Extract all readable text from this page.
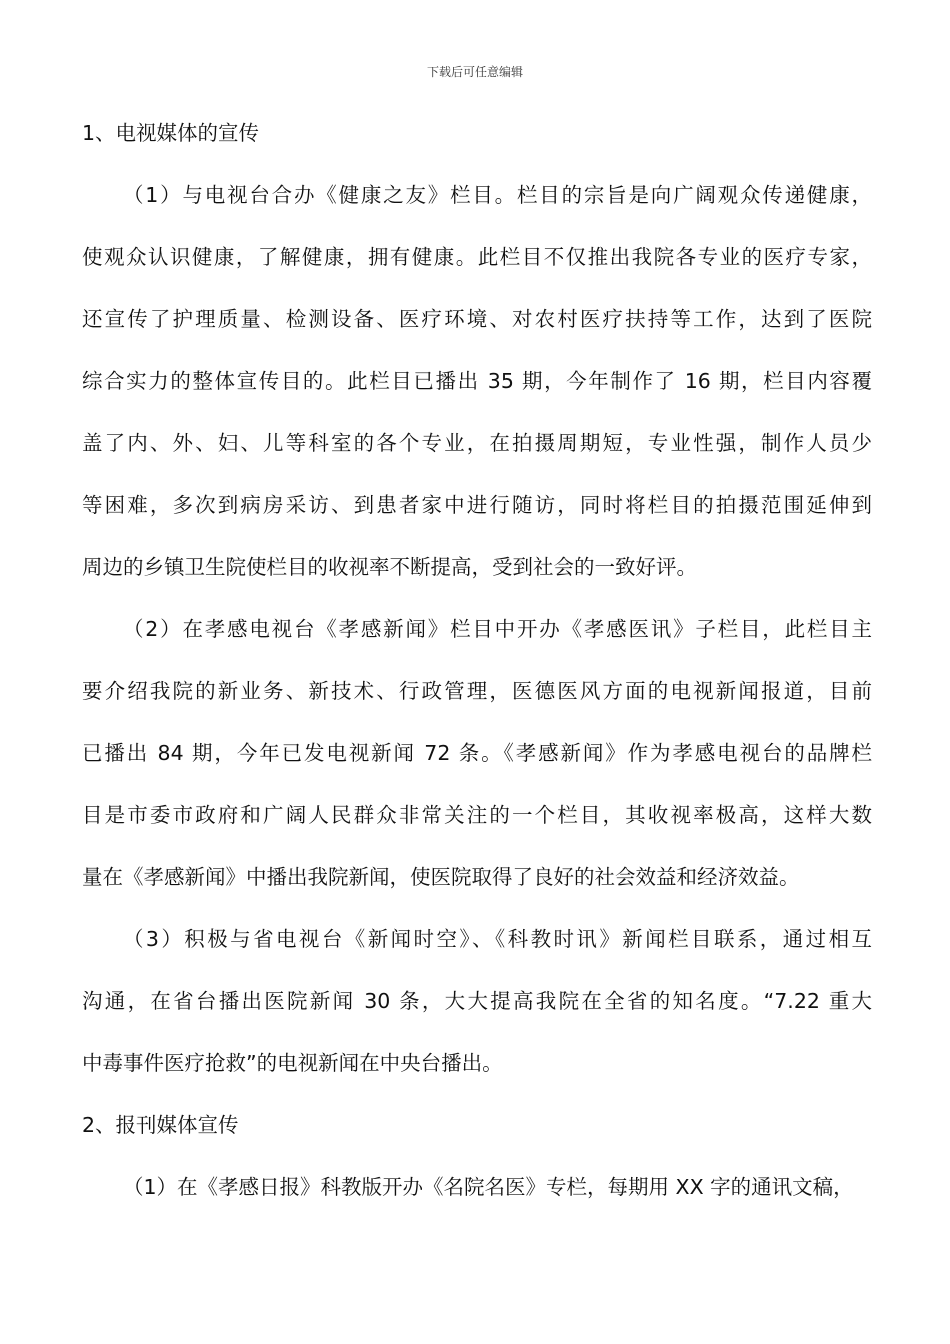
下载后可任意编辑
1、电视媒体的宣传
（1）与电视台合办《健康之友》栏目。栏目的宗旨是向广阔观众传递健康，
使观众认识健康，了解健康，拥有健康。此栏目不仅推出我院各专业的医疗专家，
还宣传了护理质量、检测设备、医疗环境、对农村医疗扶持等工作，达到了医院
综合实力的整体宣传目的。此栏目已播出 35 期，今年制作了 16 期，栏目内容覆
盖了内、外、妇、儿等科室的各个专业，在拍摄周期短，专业性强，制作人员少
等困难，多次到病房采访、到患者家中进行随访，同时将栏目的拍摄范围延伸到
周边的乡镇卫生院使栏目的收视率不断提高，受到社会的一致好评。
（2）在孝感电视台《孝感新闻》栏目中开办《孝感医讯》子栏目，此栏目主
要介绍我院的新业务、新技术、行政管理，医德医风方面的电视新闻报道，目前
已播出 84 期，今年已发电视新闻 72 条。《孝感新闻》作为孝感电视台的品牌栏
目是市委市政府和广阔人民群众非常关注的一个栏目，其收视率极高，这样大数
量在《孝感新闻》中播出我院新闻，使医院取得了良好的社会效益和经济效益。
（3）积极与省电视台《新闻时空》、《科教时讯》新闻栏目联系，通过相互
沟通，在省台播出医院新闻 30 条，大大提高我院在全省的知名度。“7.22 重大
中毒事件医疗抢救”的电视新闻在中央台播出。
2、报刊媒体宣传
（1）在《孝感日报》科教版开办《名院名医》专栏，每期用 XX 字的通讯文稿，
